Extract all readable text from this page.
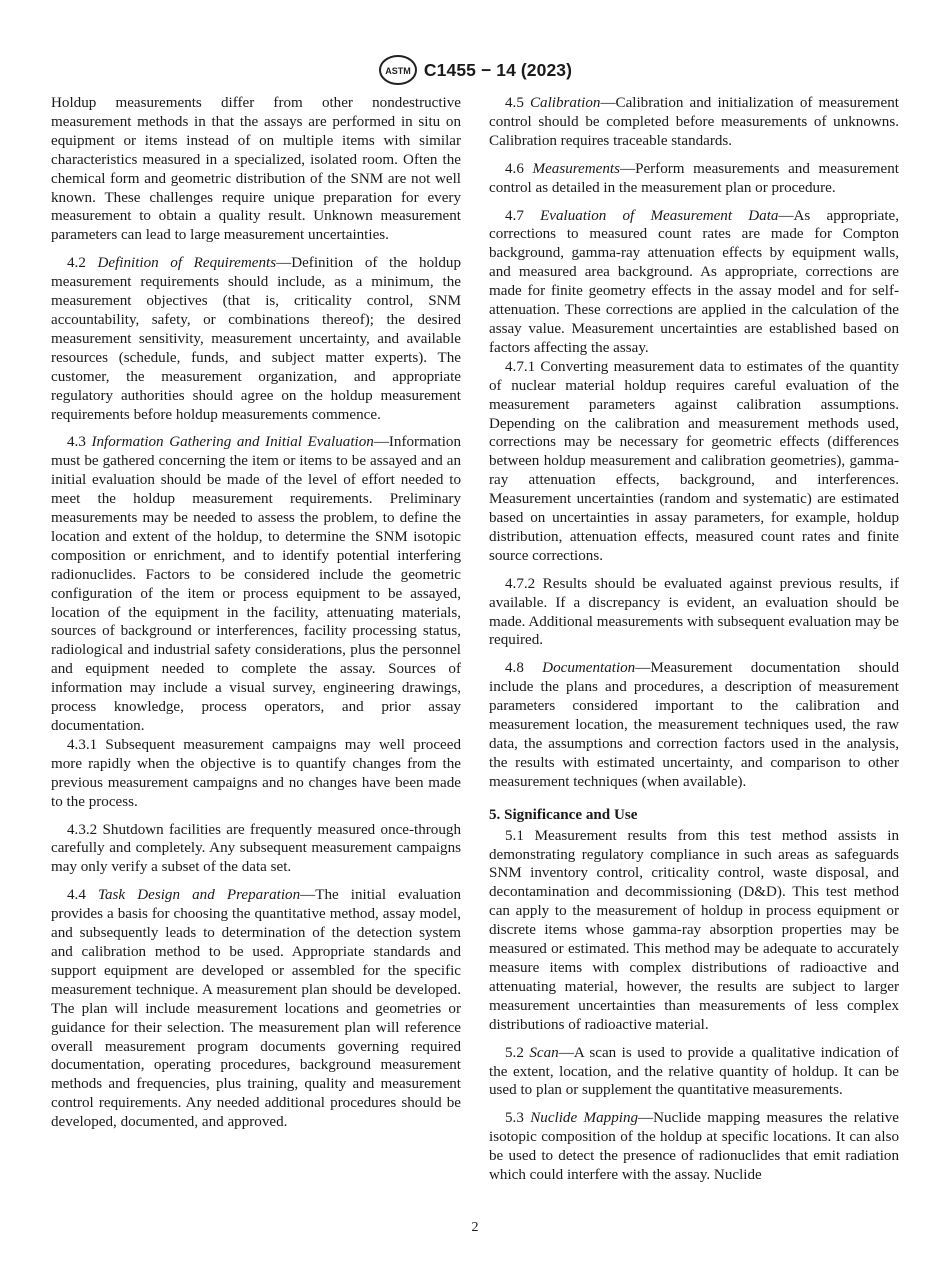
ASTM C1455 − 14 (2023)

Holdup measurements differ from other nondestructive measurement methods in that the assays are performed in situ on equipment or items instead of on multiple items with similar characteristics measured in a specialized, isolated room. Often the chemical form and geometric distribution of the SNM are not well known. These challenges require unique preparation for every measurement to obtain a quality result. Unknown measurement parameters can lead to large measurement uncertainties.

4.2 Definition of Requirements—Definition of the holdup measurement requirements should include, as a minimum, the measurement objectives (that is, criticality control, SNM accountability, safety, or combinations thereof); the desired measurement sensitivity, measurement uncertainty, and available resources (schedule, funds, and subject matter experts). The customer, the measurement organization, and appropriate regulatory authorities should agree on the holdup measurement requirements before holdup measurements commence.

4.3 Information Gathering and Initial Evaluation—Information must be gathered concerning the item or items to be assayed and an initial evaluation should be made of the level of effort needed to meet the holdup measurement requirements. Preliminary measurements may be needed to assess the problem, to define the location and extent of the holdup, to determine the SNM isotopic composition or enrichment, and to identify potential interfering radionuclides. Factors to be considered include the geometric configuration of the item or process equipment to be assayed, location of the equipment in the facility, attenuating materials, sources of background or interferences, facility processing status, radiological and industrial safety considerations, plus the personnel and equipment needed to complete the assay. Sources of information may include a visual survey, engineering drawings, process knowledge, process operators, and prior assay documentation.

4.3.1 Subsequent measurement campaigns may well proceed more rapidly when the objective is to quantify changes from the previous measurement campaigns and no changes have been made to the process.

4.3.2 Shutdown facilities are frequently measured once-through carefully and completely. Any subsequent measurement campaigns may only verify a subset of the data set.

4.4 Task Design and Preparation—The initial evaluation provides a basis for choosing the quantitative method, assay model, and subsequently leads to determination of the detection system and calibration method to be used. Appropriate standards and support equipment are developed or assembled for the specific measurement technique. A measurement plan should be developed. The plan will include measurement locations and geometries or guidance for their selection. The measurement plan will reference overall measurement program documents governing required documentation, operating procedures, background measurement methods and frequencies, plus training, quality and measurement control requirements. Any needed additional procedures should be developed, documented, and approved.

4.5 Calibration—Calibration and initialization of measurement control should be completed before measurements of unknowns. Calibration requires traceable standards.

4.6 Measurements—Perform measurements and measurement control as detailed in the measurement plan or procedure.

4.7 Evaluation of Measurement Data—As appropriate, corrections to measured count rates are made for Compton background, gamma-ray attenuation effects by equipment walls, and measured area background. As appropriate, corrections are made for finite geometry effects in the assay model and for self-attenuation. These corrections are applied in the calculation of the assay value. Measurement uncertainties are established based on factors affecting the assay.

4.7.1 Converting measurement data to estimates of the quantity of nuclear material holdup requires careful evaluation of the measurement parameters against calibration assumptions. Depending on the calibration and measurement methods used, corrections may be necessary for geometric effects (differences between holdup measurement and calibration geometries), gamma-ray attenuation effects, background, and interferences. Measurement uncertainties (random and systematic) are estimated based on uncertainties in assay parameters, for example, holdup distribution, attenuation effects, measured count rates and finite source corrections.

4.7.2 Results should be evaluated against previous results, if available. If a discrepancy is evident, an evaluation should be made. Additional measurements with subsequent evaluation may be required.

4.8 Documentation—Measurement documentation should include the plans and procedures, a description of measurement parameters considered important to the calibration and measurement location, the measurement techniques used, the raw data, the assumptions and correction factors used in the analysis, the results with estimated uncertainty, and comparison to other measurement techniques (when available).

5. Significance and Use

5.1 Measurement results from this test method assists in demonstrating regulatory compliance in such areas as safeguards SNM inventory control, criticality control, waste disposal, and decontamination and decommissioning (D&D). This test method can apply to the measurement of holdup in process equipment or discrete items whose gamma-ray absorption properties may be measured or estimated. This method may be adequate to accurately measure items with complex distributions of radioactive and attenuating material, however, the results are subject to larger measurement uncertainties than measurements of less complex distributions of radioactive material.

5.2 Scan—A scan is used to provide a qualitative indication of the extent, location, and the relative quantity of holdup. It can be used to plan or supplement the quantitative measurements.

5.3 Nuclide Mapping—Nuclide mapping measures the relative isotopic composition of the holdup at specific locations. It can also be used to detect the presence of radionuclides that emit radiation which could interfere with the assay. Nuclide

2
